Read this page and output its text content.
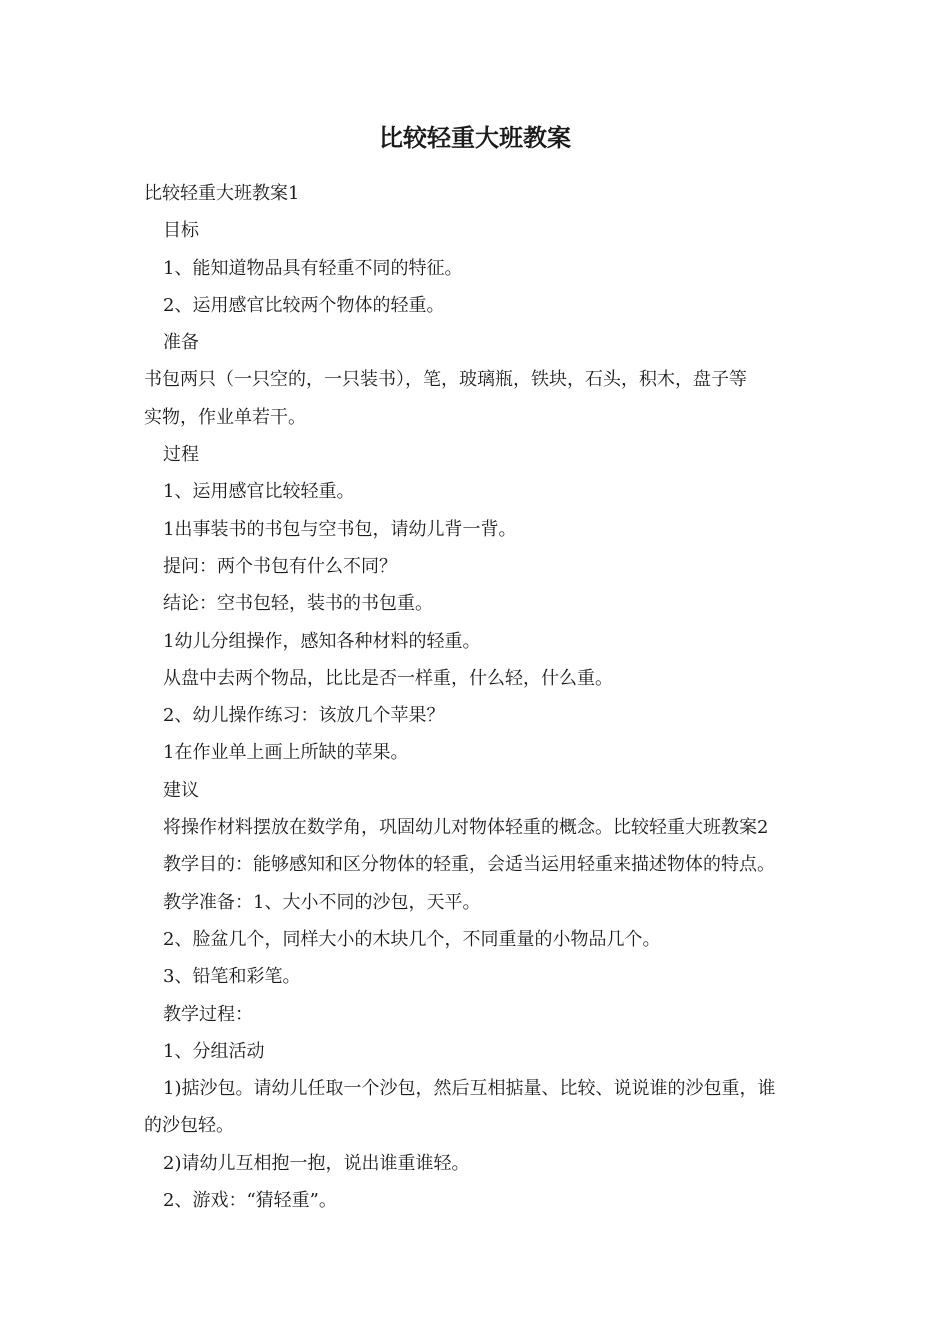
比较轻重大班教案

比较轻重大班教案1

目标

1、能知道物品具有轻重不同的特征。

2、运用感官比较两个物体的轻重。

准备

书包两只（一只空的，一只装书），笔，玻璃瓶，铁块，石头，积木，盘子等

实物，作业单若干。

过程

1、运用感官比较轻重。

1出事装书的书包与空书包，请幼儿背一背。

提问：两个书包有什么不同？

结论：空书包轻，装书的书包重。

1幼儿分组操作，感知各种材料的轻重。

从盘中去两个物品，比比是否一样重，什么轻，什么重。

2、幼儿操作练习：该放几个苹果？

1在作业单上画上所缺的苹果。

建议

将操作材料摆放在数学角，巩固幼儿对物体轻重的概念。比较轻重大班教案2

教学目的：能够感知和区分物体的轻重，会适当运用轻重来描述物体的特点。

教学准备：1、大小不同的沙包，天平。

2、脸盆几个，同样大小的木块几个，不同重量的小物品几个。

3、铅笔和彩笔。

教学过程：

1、分组活动

1)掂沙包。请幼儿任取一个沙包，然后互相掂量、比较、说说谁的沙包重，谁

的沙包轻。

2)请幼儿互相抱一抱，说出谁重谁轻。

2、游戏：“猜轻重”。
